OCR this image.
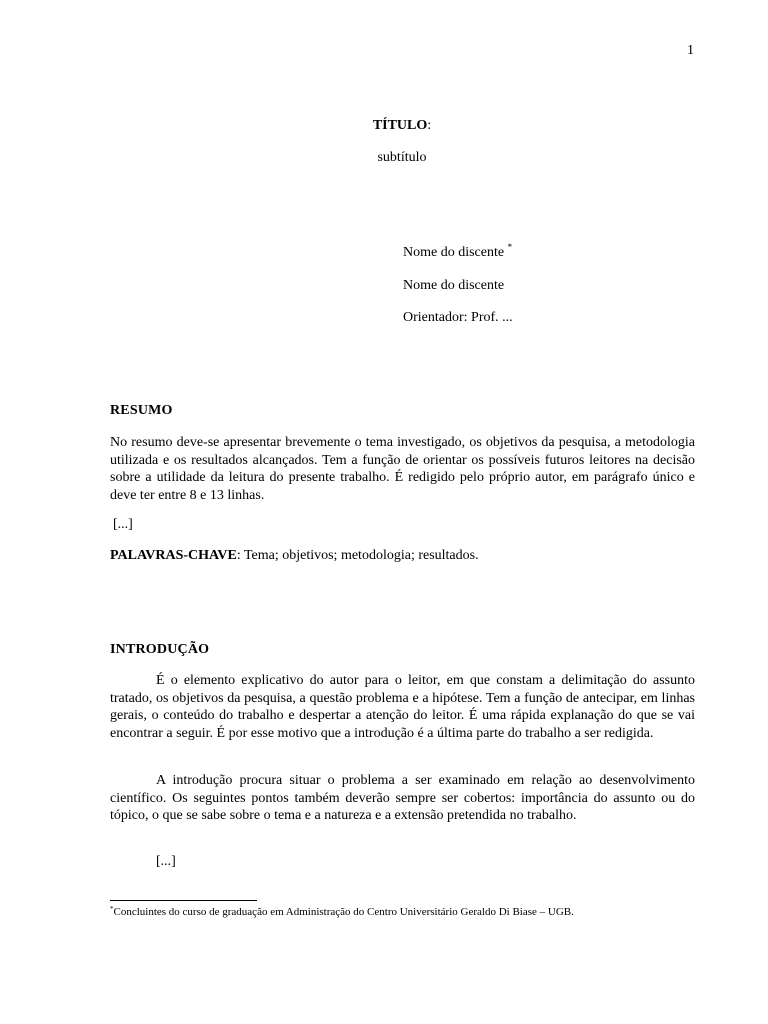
1
TÍTULO:
subtítulo
Nome do discente *
Nome do discente
Orientador: Prof. ...
RESUMO
No resumo deve-se apresentar brevemente o tema investigado, os objetivos da pesquisa, a metodologia utilizada e os resultados alcançados. Tem a função de orientar os possíveis futuros leitores na decisão sobre a utilidade da leitura do presente trabalho. É redigido pelo próprio autor, em parágrafo único e deve ter entre 8 e 13 linhas.
[...]
PALAVRAS-CHAVE: Tema; objetivos; metodologia; resultados.
INTRODUÇÃO
É o elemento explicativo do autor para o leitor, em que constam a delimitação do assunto tratado, os objetivos da pesquisa, a questão problema e a hipótese. Tem a função de antecipar, em linhas gerais, o conteúdo do trabalho e despertar a atenção do leitor. É uma rápida explanação do que se vai encontrar a seguir. É por esse motivo que a introdução é a última parte do trabalho a ser redigida.
A introdução procura situar o problema a ser examinado em relação ao desenvolvimento científico. Os seguintes pontos também deverão sempre ser cobertos: importância do assunto ou do tópico, o que se sabe sobre o tema e a natureza e a extensão pretendida no trabalho.
[...]
*Concluintes do curso de graduação em Administração do Centro Universitário Geraldo Di Biase – UGB.
